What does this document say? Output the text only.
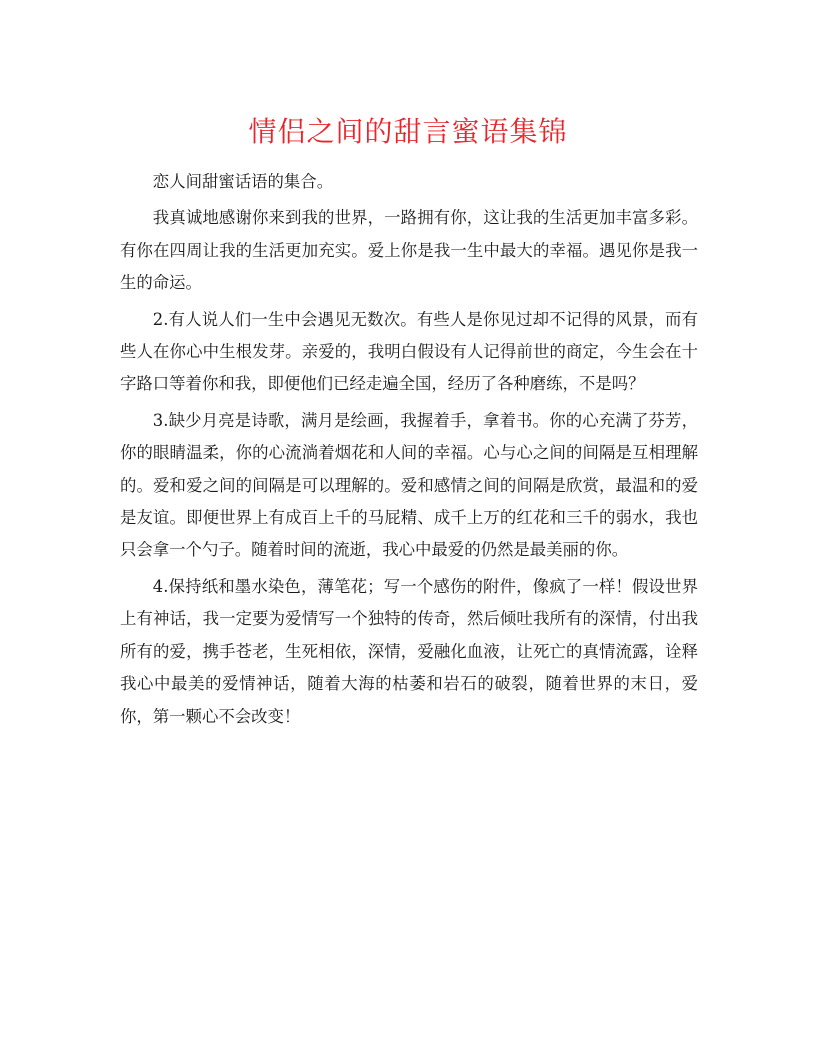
情侣之间的甜言蜜语集锦

恋人间甜蜜话语的集合。

我真诚地感谢你来到我的世界，一路拥有你，这让我的生活更加丰富多彩。有你在四周让我的生活更加充实。爱上你是我一生中最大的幸福。遇见你是我一生的命运。

2.有人说人们一生中会遇见无数次。有些人是你见过却不记得的风景，而有些人在你心中生根发芽。亲爱的，我明白假设有人记得前世的商定，今生会在十字路口等着你和我，即便他们已经走遍全国，经历了各种磨练，不是吗？

3.缺少月亮是诗歌，满月是绘画，我握着手，拿着书。你的心充满了芬芳，你的眼睛温柔，你的心流淌着烟花和人间的幸福。心与心之间的间隔是互相理解的。爱和爱之间的间隔是可以理解的。爱和感情之间的间隔是欣赏，最温和的爱是友谊。即便世界上有成百上千的马屁精、成千上万的红花和三千的弱水，我也只会拿一个勺子。随着时间的流逝，我心中最爱的仍然是最美丽的你。

4.保持纸和墨水染色，薄笔花；写一个感伤的附件，像疯了一样！假设世界上有神话，我一定要为爱情写一个独特的传奇，然后倾吐我所有的深情，付出我所有的爱，携手苍老，生死相依，深情，爱融化血液，让死亡的真情流露，诠释我心中最美的爱情神话，随着大海的枯萎和岩石的破裂，随着世界的末日，爱你，第一颗心不会改变！
